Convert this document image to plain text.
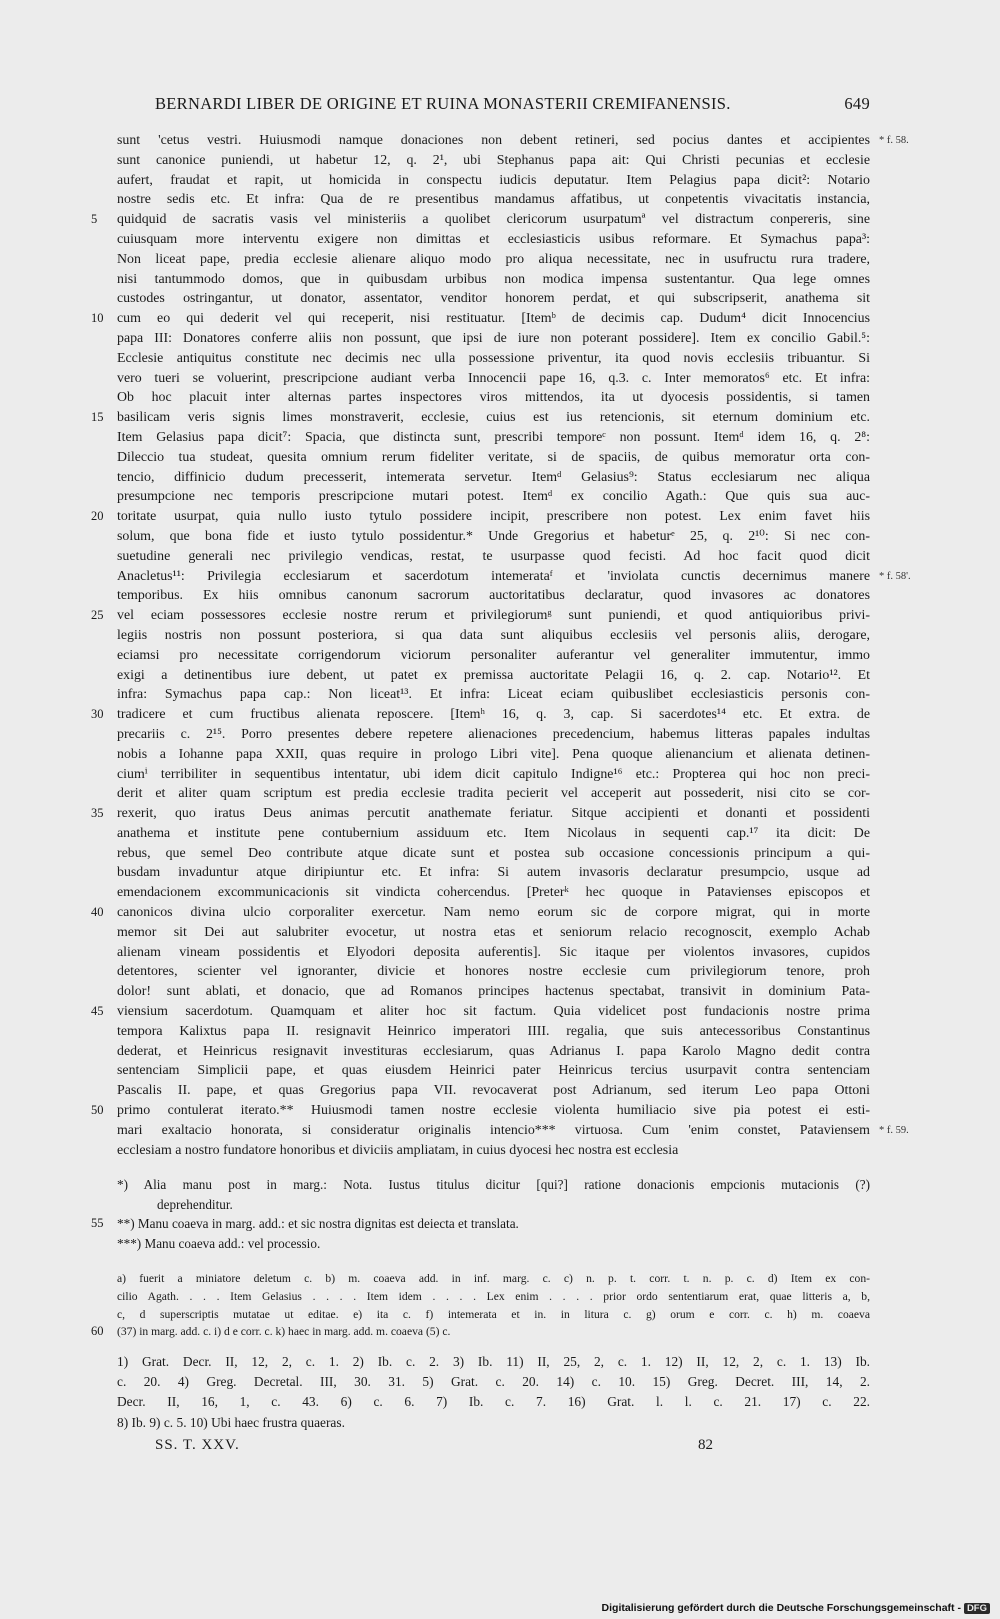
BERNARDI LIBER DE ORIGINE ET RUINA MONASTERII CREMIFANENSIS.	649
sunt 'cetus vestri. Huiusmodi namque donaciones non debent retineri, sed pocius dantes et accipientes * f. 58.
sunt canonice puniendi, ut habetur 12, q. 2¹, ubi Stephanus papa ait: Qui Christi pecunias et ecclesie
aufert, fraudat et rapit, ut homicida in conspectu iudicis deputatur. Item Pelagius papa dicit²: Notario
nostre sedis etc. Et infra: Qua de re presentibus mandamus affatibus, ut conpetentis vivacitatis instancia,
quidquid de sacratis vasis vel ministeriis a quolibet clericorum usurpatumª vel distractum conpereris, sine
5
cuiusquam more interventu exigere non dimittas et ecclesiasticis usibus reformare. Et Symachus papa³:
Non liceat pape, predia ecclesie alienare aliquo modo pro aliqua necessitate, nec in usufructu rura tradere,
nisi tantummodo domos, que in quibusdam urbibus non modica impensa sustentantur. Qua lege omnes
custodes ostringantur, ut donator, assentator, venditor honorem perdat, et qui subscripserit, anathema sit
cum eo qui dederit vel qui receperit, nisi restituatur. [Itemᵇ de decimis cap. Dudum⁴ dicit Innocencius
10
papa III: Donatores conferre aliis non possunt, que ipsi de iure non poterant possidere]. Item ex concilio Gabil.⁵:
Ecclesie antiquitus constitute nec decimis nec ulla possessione priventur, ita quod novis ecclesiis tribuantur. Si
vero tueri se voluerint, prescripcione audiant verba Innocencii pape 16, q.3. c. Inter memoratos⁶ etc. Et infra:
Ob hoc placuit inter alternas partes inspectores viros mittendos, ita ut dyocesis possidentis, si tamen
basilicam veris signis limes monstraverit, ecclesie, cuius est ius retencionis, sit eternum dominium etc.
15
Item Gelasius papa dicit⁷: Spacia, que distincta sunt, prescribi temporeᶜ non possunt. Itemᵈ idem 16, q. 2⁸:
Dileccio tua studeat, quesita omnium rerum fideliter veritate, si de spaciis, de quibus memoratur orta con-
tencio, diffinicio dudum precesserit, intemerata servetur. Itemᵈ Gelasius⁹: Status ecclesiarum nec aliqua
presumpcione nec temporis prescripcione mutari potest. Itemᵈ ex concilio Agath.: Que quis sua auc-
toritate usurpat, quia nullo iusto tytulo possidere incipit, prescribere non potest. Lex enim favet hiis
20
solum, que bona fide et iusto tytulo possidentur.* Unde Gregorius et habeturᵉ 25, q. 2¹⁰: Si nec con-
suetudine generali nec privilegio vendicas, restat, te usurpasse quod fecisti. Ad hoc facit quod dicit
Anacletus¹¹: Privilegia ecclesiarum et sacerdotum intemerataᶠ et 'inviolata cunctis decernimus manere * f. 58'.
temporibus. Ex hiis omnibus canonum sacrorum auctoritatibus declaratur, quod invasores ac donatores
vel eciam possessores ecclesie nostre rerum et privilegiorumᵍ sunt puniendi, et quod antiquioribus privi-
25
legiis nostris non possunt posteriora, si qua data sunt aliquibus ecclesiis vel personis aliis, derogare,
eciamsi pro necessitate corrigendorum viciorum personaliter auferantur vel generaliter immutentur, immo
exigi a detinentibus iure debent, ut patet ex premissa auctoritate Pelagii 16, q. 2. cap. Notario¹². Et
infra: Symachus papa cap.: Non liceat¹³. Et infra: Liceat eciam quibuslibet ecclesiasticis personis con-
tradicere et cum fructibus alienata reposcere. [Itemʰ 16, q. 3, cap. Si sacerdotes¹⁴ etc. Et extra. de
30
precariis c. 2¹⁵. Porro presentes debere repetere alienaciones precedencium, habemus litteras papales indultas
nobis a Iohanne papa XXII, quas require in prologo Libri vite]. Pena quoque alienancium et alienata detinen-
ciumⁱ terribiliter in sequentibus intentatur, ubi idem dicit capitulo Indigne¹⁶ etc.: Propterea qui hoc non preci-
derit et aliter quam scriptum est predia ecclesie tradita pecierit vel acceperit aut possederit, nisi cito se cor-
rexerit, quo iratus Deus animas percutit anathemate feriatur. Sitque accipienti et donanti et possidenti
35
anathema et institute pene contubernium assiduum etc. Item Nicolaus in sequenti cap.¹⁷ ita dicit: De
rebus, que semel Deo contribute atque dicate sunt et postea sub occasione concessionis principum a qui-
busdam invaduntur atque diripiuntur etc. Et infra: Si autem invasoris declaratur presumpcio, usque ad
emendacionem excommunicacionis sit vindicta cohercendus. [Preterᵏ hec quoque in Patavienses episcopos et
canonicos divina ulcio corporaliter exercetur. Nam nemo eorum sic de corpore migrat, qui in morte
40
memor sit Dei aut salubriter evocetur, ut nostra etas et seniorum relacio recognoscit, exemplo Achab
alienam vineam possidentis et Elyodori deposita auferentis]. Sic itaque per violentos invasores, cupidos
detentores, scienter vel ignoranter, divicie et honores nostre ecclesie cum privilegiorum tenore, proh
dolor! sunt ablati, et donacio, que ad Romanos principes hactenus spectabat, transivit in dominium Pata-
viensium sacerdotum. Quamquam et aliter hoc sit factum. Quia videlicet post fundacionis nostre prima
45
tempora Kalixtus papa II. resignavit Heinrico imperatori IIII. regalia, que suis antecessoribus Constantinus
dederat, et Heinricus resignavit investituras ecclesiarum, quas Adrianus I. papa Karolo Magno dedit contra
sentenciam Simplicii pape, et quas eiusdem Heinrici pater Heinricus tercius usurpavit contra sentenciam
Pascalis II. pape, et quas Gregorius papa VII. revocaverat post Adrianum, sed iterum Leo papa Ottoni
primo contulerat iterato.** Huiusmodi tamen nostre ecclesie violenta humiliacio sive pia potest ei esti-
50
mari exaltacio honorata, si consideratur originalis intencio*** virtuosa. Cum 'enim constet, Pataviensem * f. 59.
ecclesiam a nostro fundatore honoribus et diviciis ampliatam, in cuius dyocesi hec nostra est ecclesia
*) Alia manu post in marg.: Nota. Iustus titulus dicitur [qui?] ratione donacionis empcionis mutacionis (?)
deprehenditur.
**) Manu coaeva in marg. add.: et sic nostra dignitas est deiecta et translata.
55
***) Manu coaeva add.: vel processio.
a) fuerit a miniatore deletum c. b) m. coaeva add. in inf. marg. c. c) n. p. t. corr. t. n. p. c. d) Item ex con-
cilio Agath. . . . Item Gelasius . . . . Item idem . . . . Lex enim . . . . prior ordo sententiarum erat, quae litteris a, b,
c, d superscriptis mutatae ut editae. e) ita c. f) intemerata et in. in litura c. g) orum e corr. c. h) m. coaeva
(37) in marg. add. c. i) d e corr. c. k) haec in marg. add. m. coaeva (5) c.
60
1) Grat. Decr. II, 12, 2, c. 1. 2) Ib. c. 2. 3) Ib. 11) II, 25, 2, c. 1. 12) II, 12, 2, c. 1. 13) Ib.
c. 20. 4) Greg. Decretal. III, 30. 31. 5) Grat. c. 20. 14) c. 10. 15) Greg. Decret. III, 14, 2.
Decr. II, 16, 1, c. 43. 6) c. 6. 7) Ib. c. 7. 16) Grat. l. l. c. 21. 17) c. 22.
8) Ib. 9) c. 5. 10) Ubi haec frustra quaeras.
SS. T. XXV.	82
Digitalisierung gefördert durch die Deutsche Forschungsgemeinschaft - DFG
